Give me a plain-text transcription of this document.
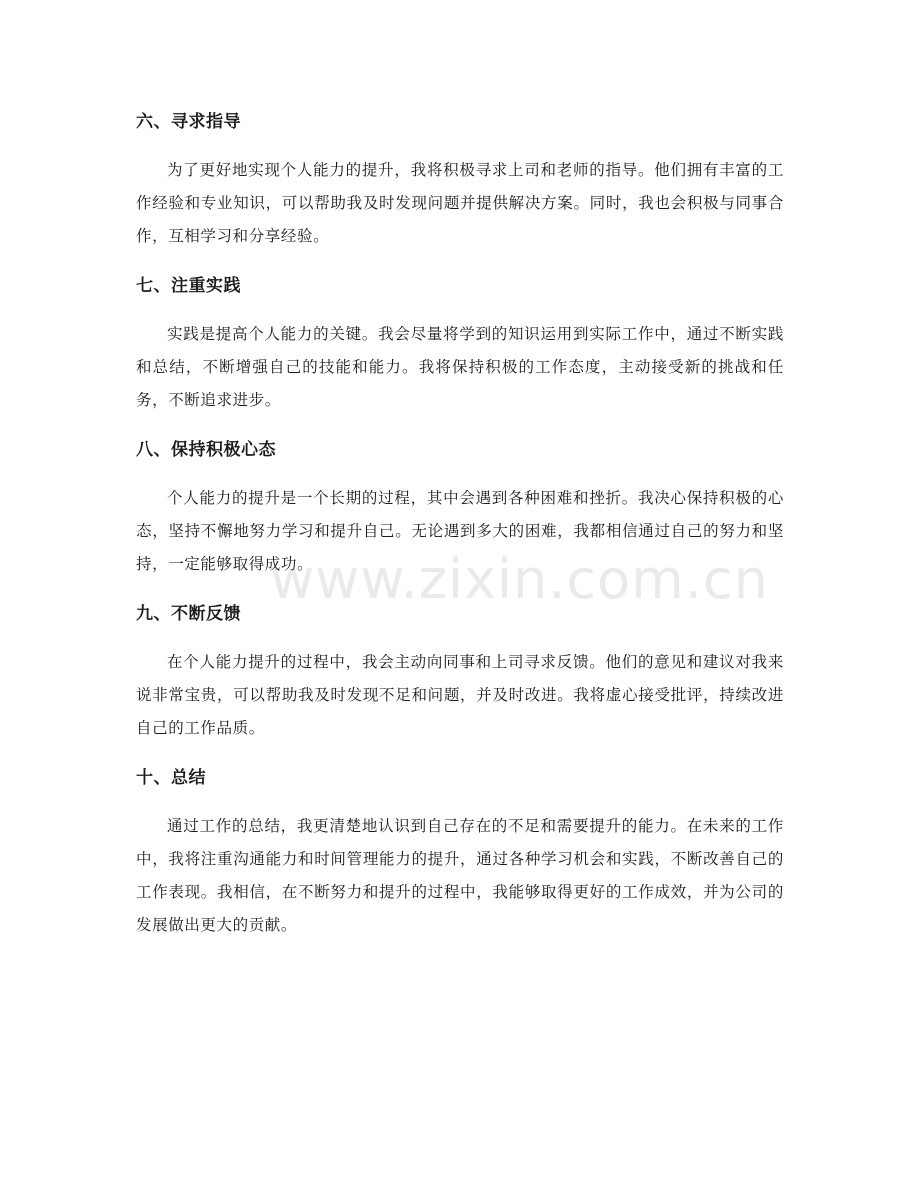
六、寻求指导

为了更好地实现个人能力的提升，我将积极寻求上司和老师的指导。他们拥有丰富的工作经验和专业知识，可以帮助我及时发现问题并提供解决方案。同时，我也会积极与同事合作，互相学习和分享经验。

七、注重实践

实践是提高个人能力的关键。我会尽量将学到的知识运用到实际工作中，通过不断实践和总结，不断增强自己的技能和能力。我将保持积极的工作态度，主动接受新的挑战和任务，不断追求进步。

八、保持积极心态

个人能力的提升是一个长期的过程，其中会遇到各种困难和挫折。我决心保持积极的心态，坚持不懈地努力学习和提升自己。无论遇到多大的困难，我都相信通过自己的努力和坚持，一定能够取得成功。

九、不断反馈

在个人能力提升的过程中，我会主动向同事和上司寻求反馈。他们的意见和建议对我来说非常宝贵，可以帮助我及时发现不足和问题，并及时改进。我将虚心接受批评，持续改进自己的工作品质。

十、总结

通过工作的总结，我更清楚地认识到自己存在的不足和需要提升的能力。在未来的工作中，我将注重沟通能力和时间管理能力的提升，通过各种学习机会和实践，不断改善自己的工作表现。我相信，在不断努力和提升的过程中，我能够取得更好的工作成效，并为公司的发展做出更大的贡献。

www.zixin.com.cn
